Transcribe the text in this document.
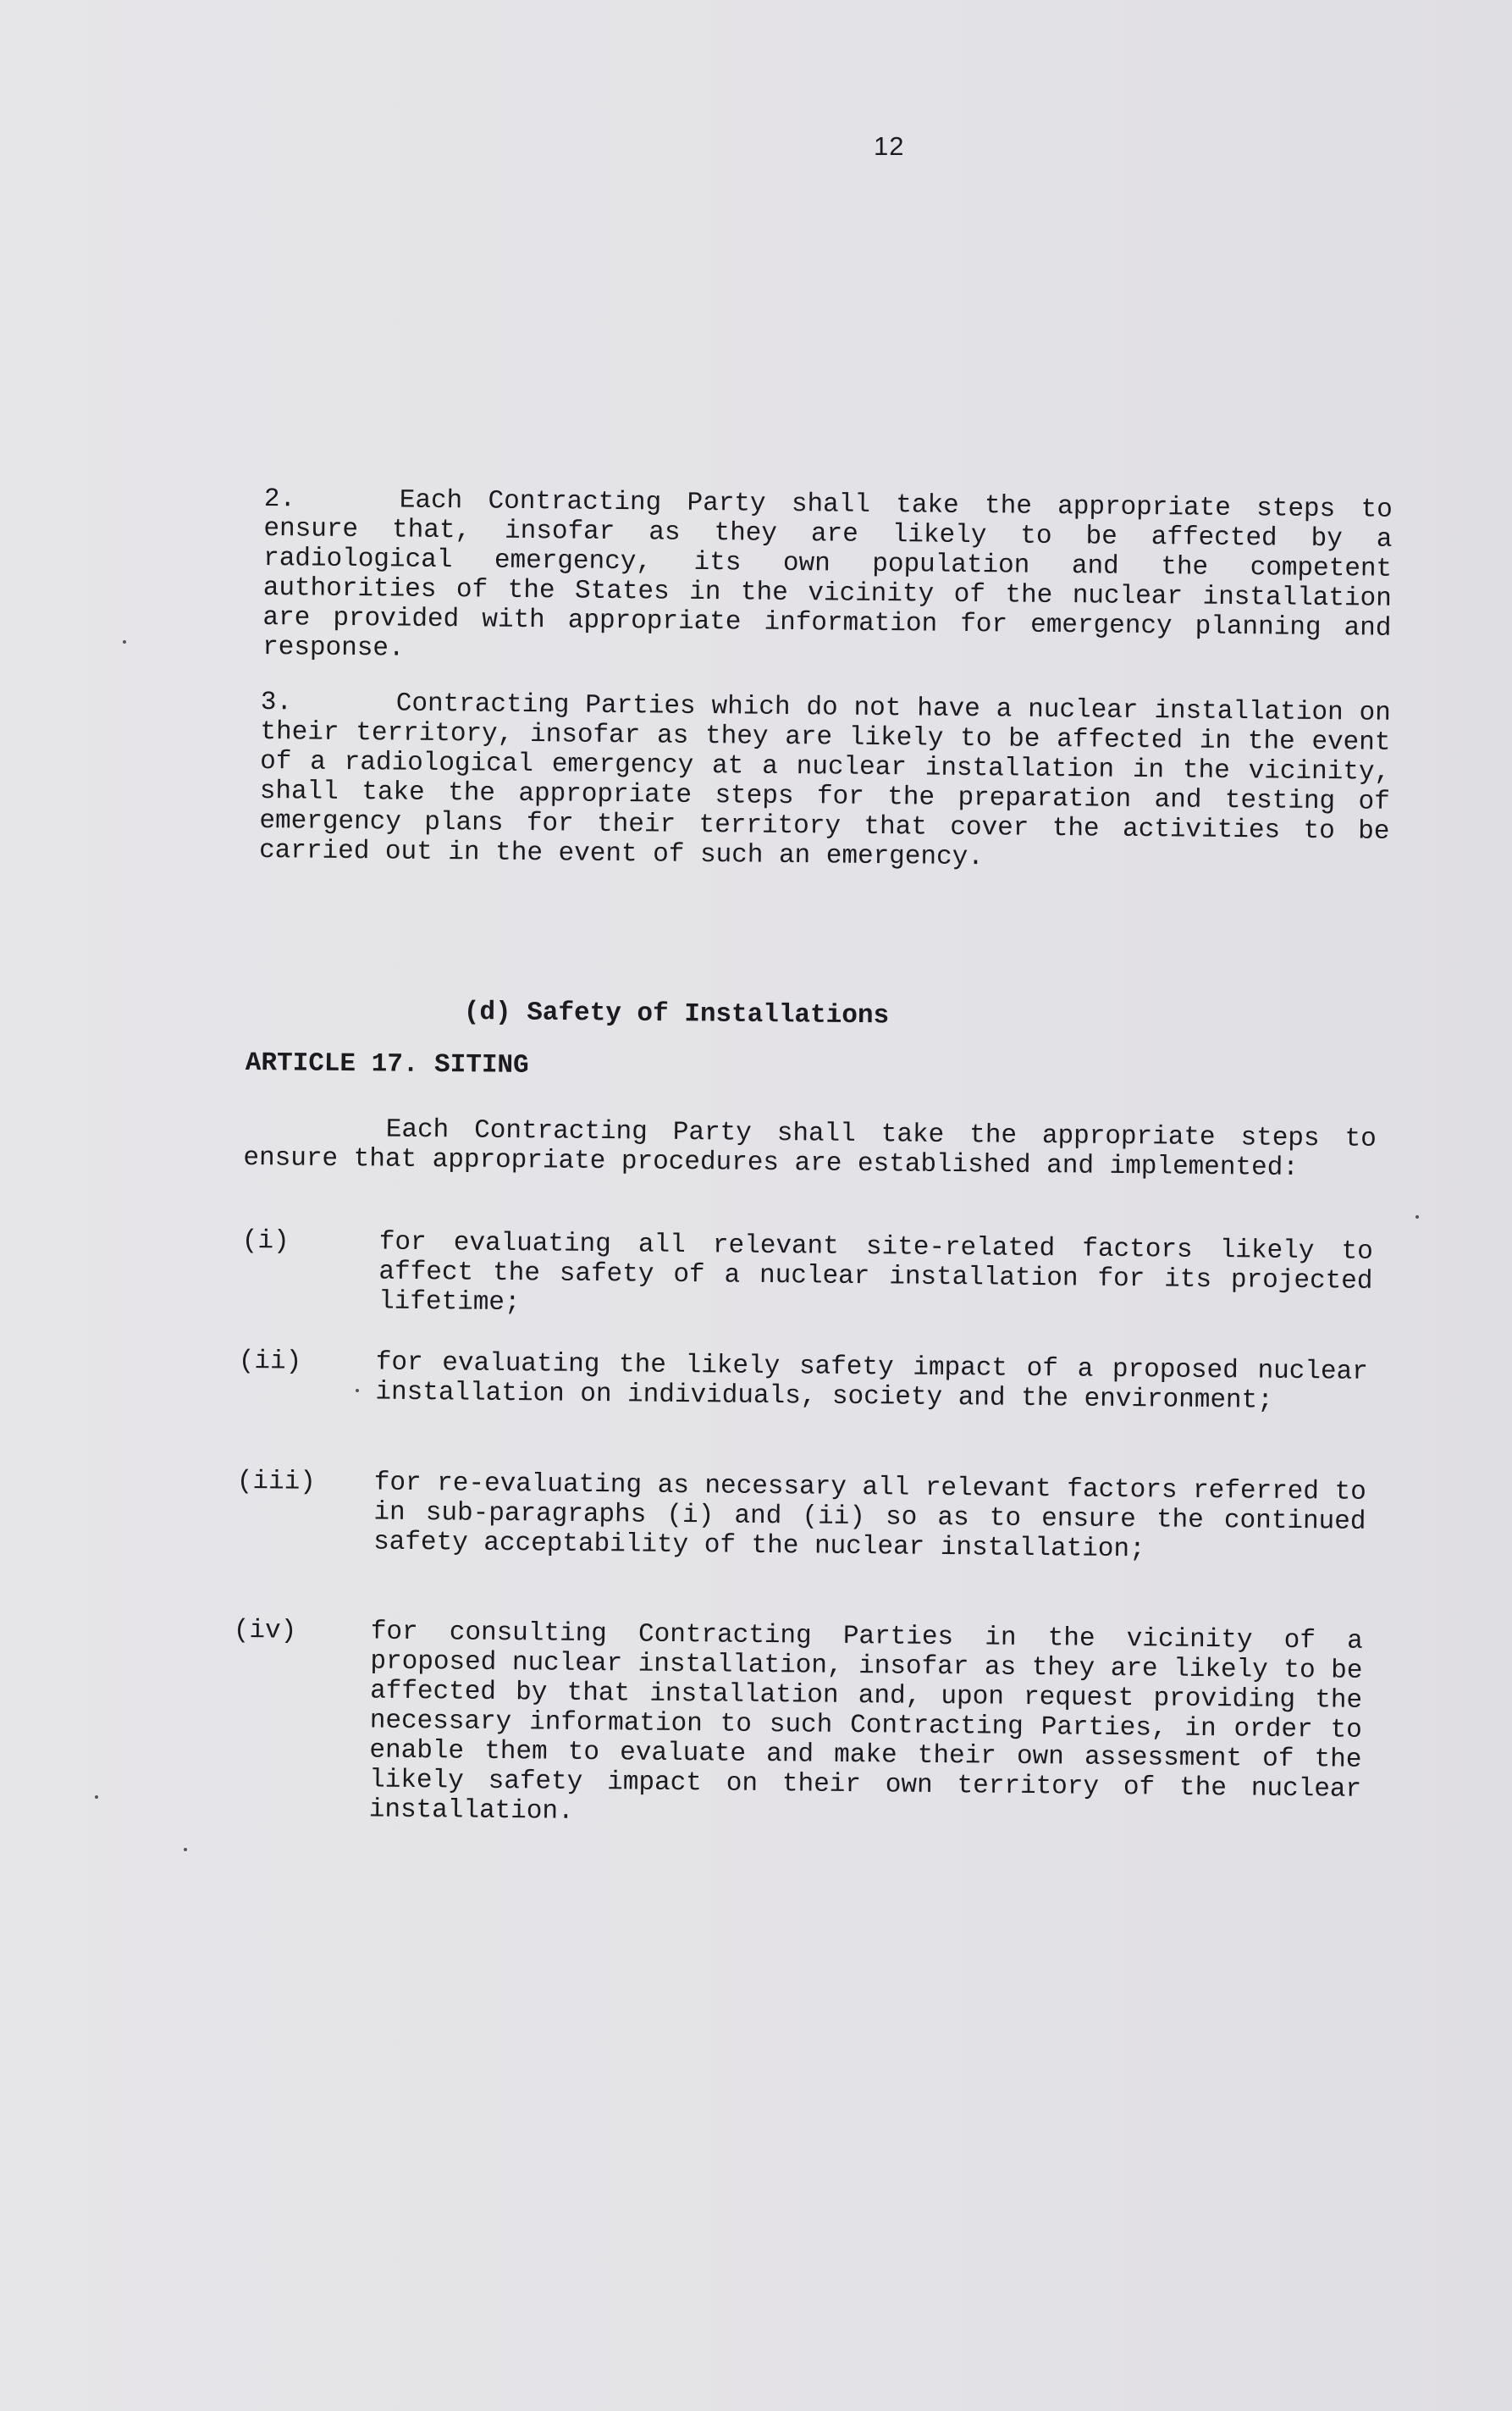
12

2.	Each Contracting Party shall take the appropriate steps to ensure that, insofar as they are likely to be affected by a radiological emergency, its own population and the competent authorities of the States in the vicinity of the nuclear installation are provided with appropriate information for emergency planning and response.

3.	Contracting Parties which do not have a nuclear installation on their territory, insofar as they are likely to be affected in the event of a radiological emergency at a nuclear installation in the vicinity, shall take the appropriate steps for the preparation and testing of emergency plans for their territory that cover the activities to be carried out in the event of such an emergency.

(d) Safety of Installations
ARTICLE 17. SITING

Each Contracting Party shall take the appropriate steps to ensure that appropriate procedures are established and implemented:

(i)	for evaluating all relevant site-related factors likely to affect the safety of a nuclear installation for its projected lifetime;

(ii)	for evaluating the likely safety impact of a proposed nuclear installation on individuals, society and the environment;

(iii) for re-evaluating as necessary all relevant factors referred to in sub-paragraphs (i) and (ii) so as to ensure the continued safety acceptability of the nuclear installation;

(iv)	for consulting Contracting Parties in the vicinity of a proposed nuclear installation, insofar as they are likely to be affected by that installation and, upon request providing the necessary information to such Contracting Parties, in order to enable them to evaluate and make their own assessment of the likely safety impact on their own territory of the nuclear installation.
